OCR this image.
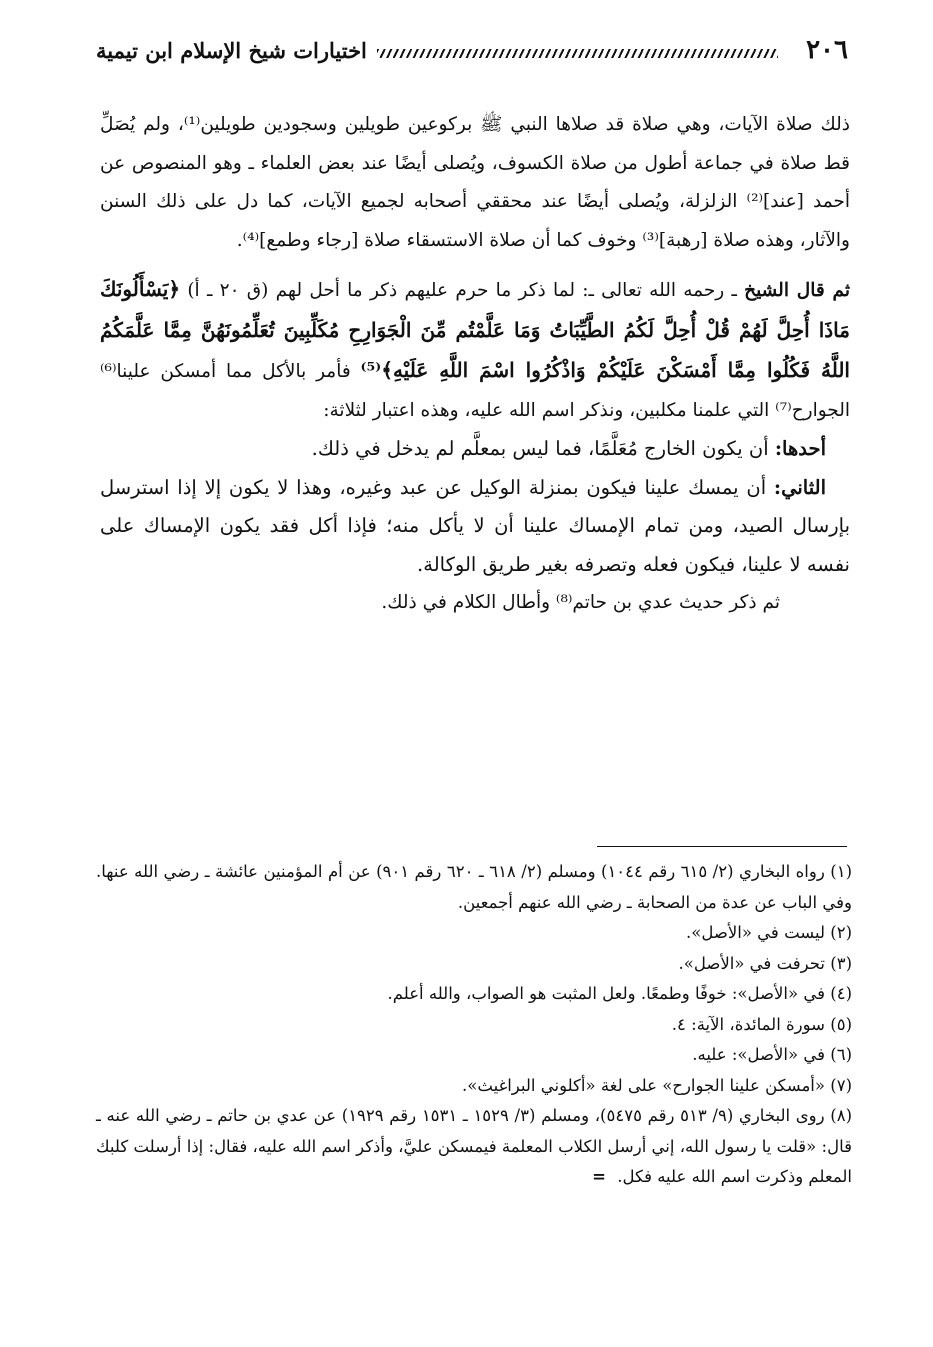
٢٠٦
اختيارات شيخ الإسلام ابن تيمية

ذلك صلاة الآيات، وهي صلاة قد صلاها النبي ﷺ بركوعين طويلين وسجودين طويلين⁽¹⁾، ولم يُصَلِّ قط صلاة في جماعة أطول من صلاة الكسوف، ويُصلى أيضًا عند بعض العلماء ـ وهو المنصوص عن أحمد [عند]⁽²⁾ الزلزلة، ويُصلى أيضًا عند محققي أصحابه لجميع الآيات، كما دل على ذلك السنن والآثار، وهذه صلاة [رهبة]⁽³⁾ وخوف كما أن صلاة الاستسقاء صلاة [رجاء وطمع]⁽⁴⁾.

ثم قال الشيخ ـ رحمه الله تعالى ـ: لما ذكر ما حرم عليهم ذكر ما أحل لهم (ق ٢٠ ـ أ) ﴿يَسْأَلُونَكَ مَاذَا أُحِلَّ لَهُمْ قُلْ أُحِلَّ لَكُمُ الطَّيِّبَاتُ وَمَا عَلَّمْتُم مِّنَ الْجَوَارِحِ مُكَلِّبِينَ تُعَلِّمُونَهُنَّ مِمَّا عَلَّمَكُمُ اللَّهُ فَكُلُوا مِمَّا أَمْسَكْنَ عَلَيْكُمْ وَاذْكُرُوا اسْمَ اللَّهِ عَلَيْهِ﴾⁽⁵⁾ فأمر بالأكل مما أمسكن علينا⁽⁶⁾ الجوارح⁽⁷⁾ التي علمنا مكلبين، ونذكر اسم الله عليه، وهذه اعتبار لثلاثة:

أحدها: أن يكون الخارج مُعَلَّمًا، فما ليس بمعلَّم لم يدخل في ذلك.

الثاني: أن يمسك علينا فيكون بمنزلة الوكيل عن عبد وغيره، وهذا لا يكون إلا إذا استرسل بإرسال الصيد، ومن تمام الإمساك علينا أن لا يأكل منه؛ فإذا أكل فقد يكون الإمساك على نفسه لا علينا، فيكون فعله وتصرفه بغير طريق الوكالة.

ثم ذكر حديث عدي بن حاتم⁽⁸⁾ وأطال الكلام في ذلك.

(١) رواه البخاري (٢/ ٦١٥ رقم ١٠٤٤) ومسلم (٢/ ٦١٨ ـ ٦٢٠ رقم ٩٠١) عن أم المؤمنين عائشة ـ رضي الله عنها. وفي الباب عن عدة من الصحابة ـ رضي الله عنهم أجمعين.

(٢) ليست في «الأصل».

(٣) تحرفت في «الأصل».

(٤) في «الأصل»: خوفًا وطمعًا. ولعل المثبت هو الصواب، والله أعلم.

(٥) سورة المائدة، الآية: ٤.

(٦) في «الأصل»: عليه.

(٧) «أمسكن علينا الجوارح» على لغة «أكلوني البراغيث».

(٨) روى البخاري (٩/ ٥١٣ رقم ٥٤٧٥)، ومسلم (٣/ ١٥٢٩ ـ ١٥٣١ رقم ١٩٢٩) عن عدي بن حاتم ـ رضي الله عنه ـ قال: «قلت يا رسول الله، إني أرسل الكلاب المعلمة فيمسكن عليَّ، وأذكر اسم الله عليه، فقال: إذا أرسلت كلبك المعلم وذكرت اسم الله عليه فكل. =
